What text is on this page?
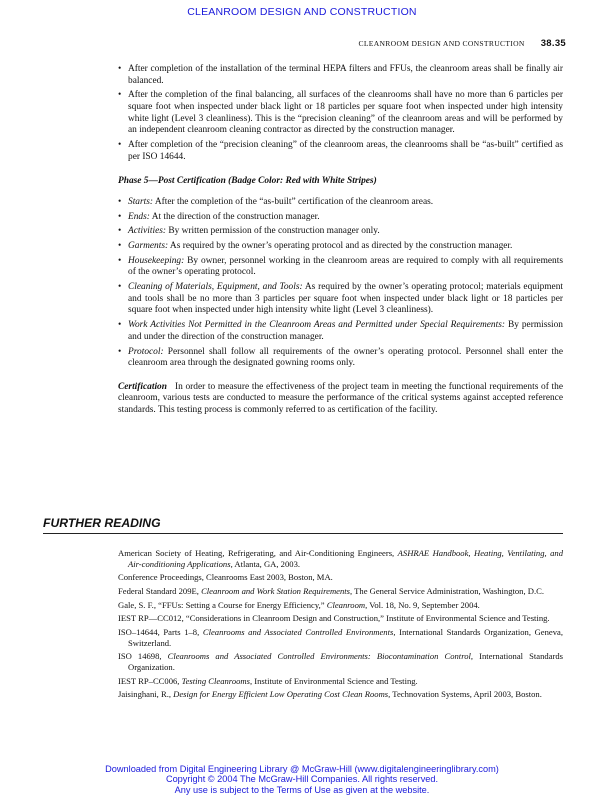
CLEANROOM DESIGN AND CONSTRUCTION
CLEANROOM DESIGN AND CONSTRUCTION 38.35
• After completion of the installation of the terminal HEPA filters and FFUs, the cleanroom areas shall be finally air balanced.
• After the completion of the final balancing, all surfaces of the cleanrooms shall have no more than 6 particles per square foot when inspected under black light or 18 particles per square foot when inspected under high intensity white light (Level 3 cleanliness). This is the “precision cleaning” of the cleanroom areas and will be performed by an independent cleanroom cleaning contractor as directed by the construction manager.
• After completion of the “precision cleaning” of the cleanroom areas, the cleanrooms shall be “as-built” certified as per ISO 14644.
Phase 5—Post Certification (Badge Color: Red with White Stripes)
• Starts: After the completion of the “as-built” certification of the cleanroom areas.
• Ends: At the direction of the construction manager.
• Activities: By written permission of the construction manager only.
• Garments: As required by the owner’s operating protocol and as directed by the construction manager.
• Housekeeping: By owner, personnel working in the cleanroom areas are required to comply with all requirements of the owner’s operating protocol.
• Cleaning of Materials, Equipment, and Tools: As required by the owner’s operating protocol; materials equipment and tools shall be no more than 3 particles per square foot when inspected under black light or 18 particles per square foot when inspected under high intensity white light (Level 3 cleanliness).
• Work Activities Not Permitted in the Cleanroom Areas and Permitted under Special Requirements: By permission and under the direction of the construction manager.
• Protocol: Personnel shall follow all requirements of the owner’s operating protocol. Personnel shall enter the cleanroom area through the designated gowning rooms only.

Certification In order to measure the effectiveness of the project team in meeting the functional requirements of the cleanroom, various tests are conducted to measure the performance of the critical systems against accepted reference standards. This testing process is commonly referred to as certification of the facility.

FURTHER READING
American Society of Heating, Refrigerating, and Air-Conditioning Engineers, ASHRAE Handbook, Heating, Ventilating, and Air-conditioning Applications, Atlanta, GA, 2003.
Conference Proceedings, Cleanrooms East 2003, Boston, MA.
Federal Standard 209E, Cleanroom and Work Station Requirements, The General Service Administration, Washington, D.C.
Gale, S. F., “FFUs: Setting a Course for Energy Efficiency,” Cleanroom, Vol. 18, No. 9, September 2004.
IEST RP—CC012, “Considerations in Cleanroom Design and Construction,” Institute of Environmental Science and Testing.
ISO–14644, Parts 1–8, Cleanrooms and Associated Controlled Environments, International Standards Organization, Geneva, Switzerland.
ISO 14698, Cleanrooms and Associated Controlled Environments: Biocontamination Control, International Standards Organization.
IEST RP–CC006, Testing Cleanrooms, Institute of Environmental Science and Testing.
Jaisinghani, R., Design for Energy Efficient Low Operating Cost Clean Rooms, Technovation Systems, April 2003, Boston.
Downloaded from Digital Engineering Library @ McGraw-Hill (www.digitalengineeringlibrary.com)
Copyright © 2004 The McGraw-Hill Companies. All rights reserved.
Any use is subject to the Terms of Use as given at the website.
